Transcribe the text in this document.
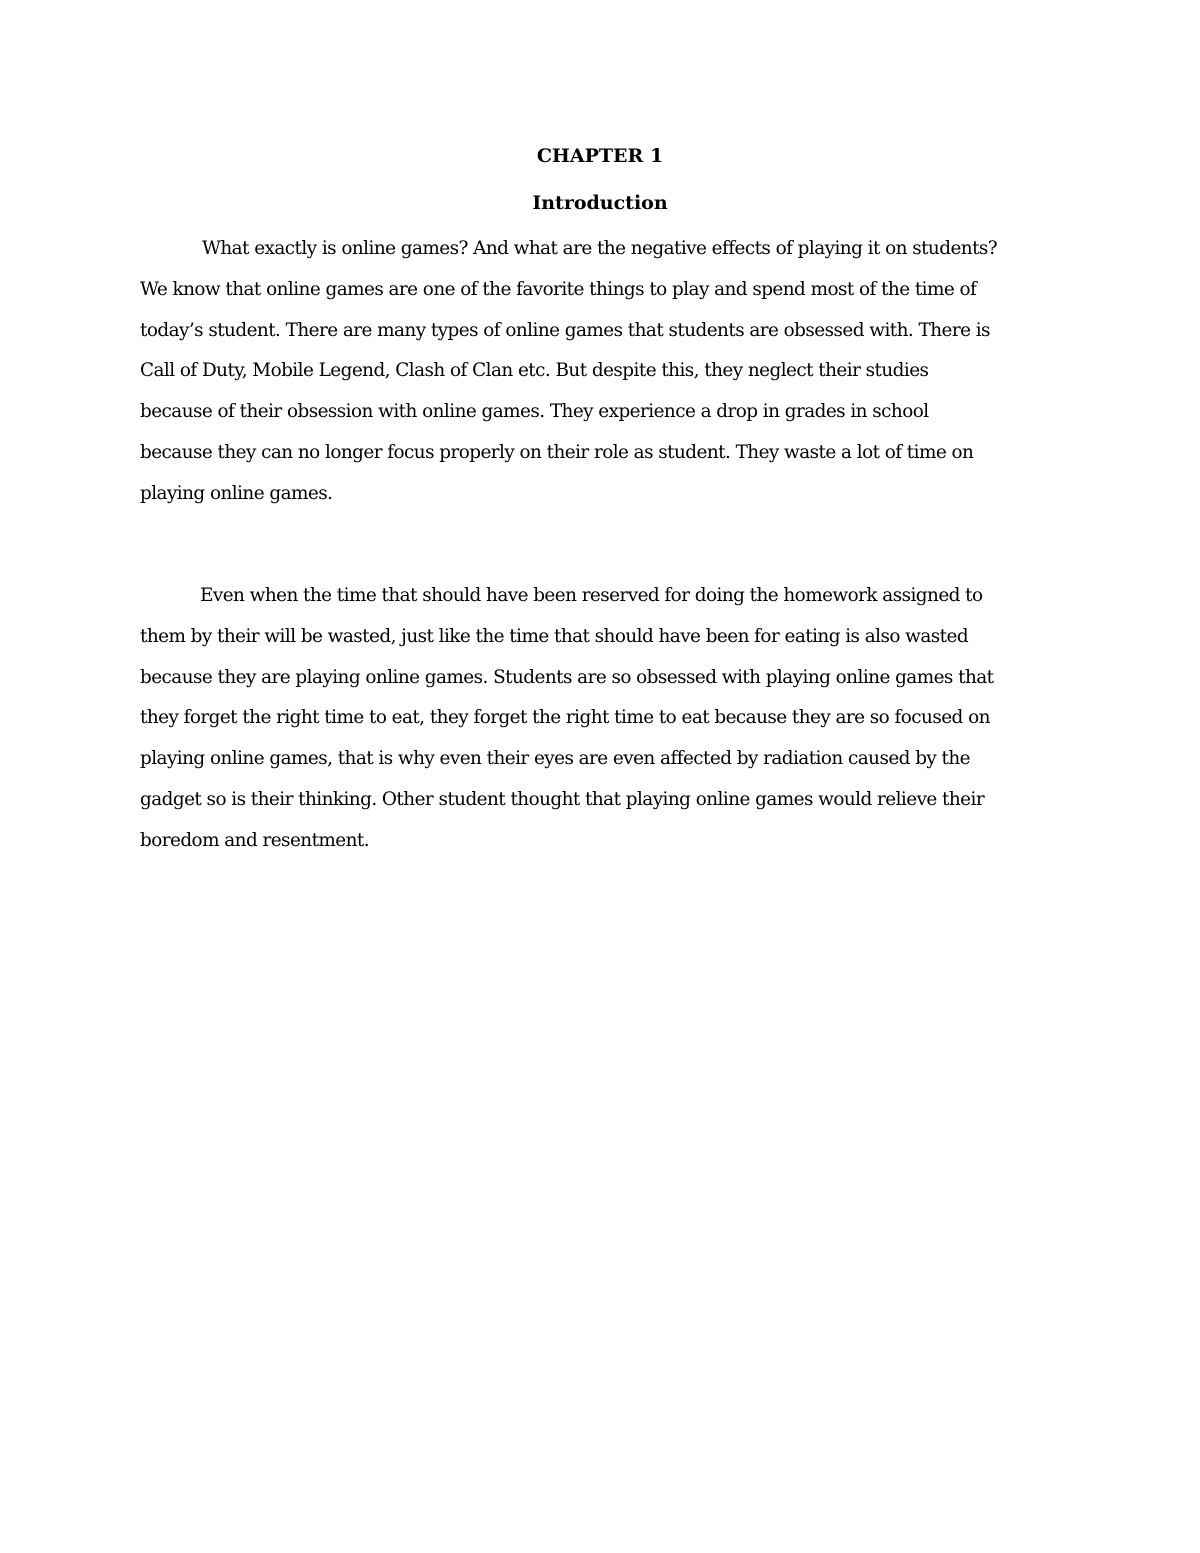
CHAPTER 1
Introduction

What exactly is online games? And what are the negative effects of playing it on students?
We know that online games are one of the favorite things to play and spend most of the time of
today’s student. There are many types of online games that students are obsessed with. There is
Call of Duty, Mobile Legend, Clash of Clan etc. But despite this, they neglect their studies
because of their obsession with online games. They experience a drop in grades in school
because they can no longer focus properly on their role as student. They waste a lot of time on
playing online games.

Even when the time that should have been reserved for doing the homework assigned to
them by their will be wasted, just like the time that should have been for eating is also wasted
because they are playing online games. Students are so obsessed with playing online games that
they forget the right time to eat, they forget the right time to eat because they are so focused on
playing online games, that is why even their eyes are even affected by radiation caused by the
gadget so is their thinking. Other student thought that playing online games would relieve their
boredom and resentment.
